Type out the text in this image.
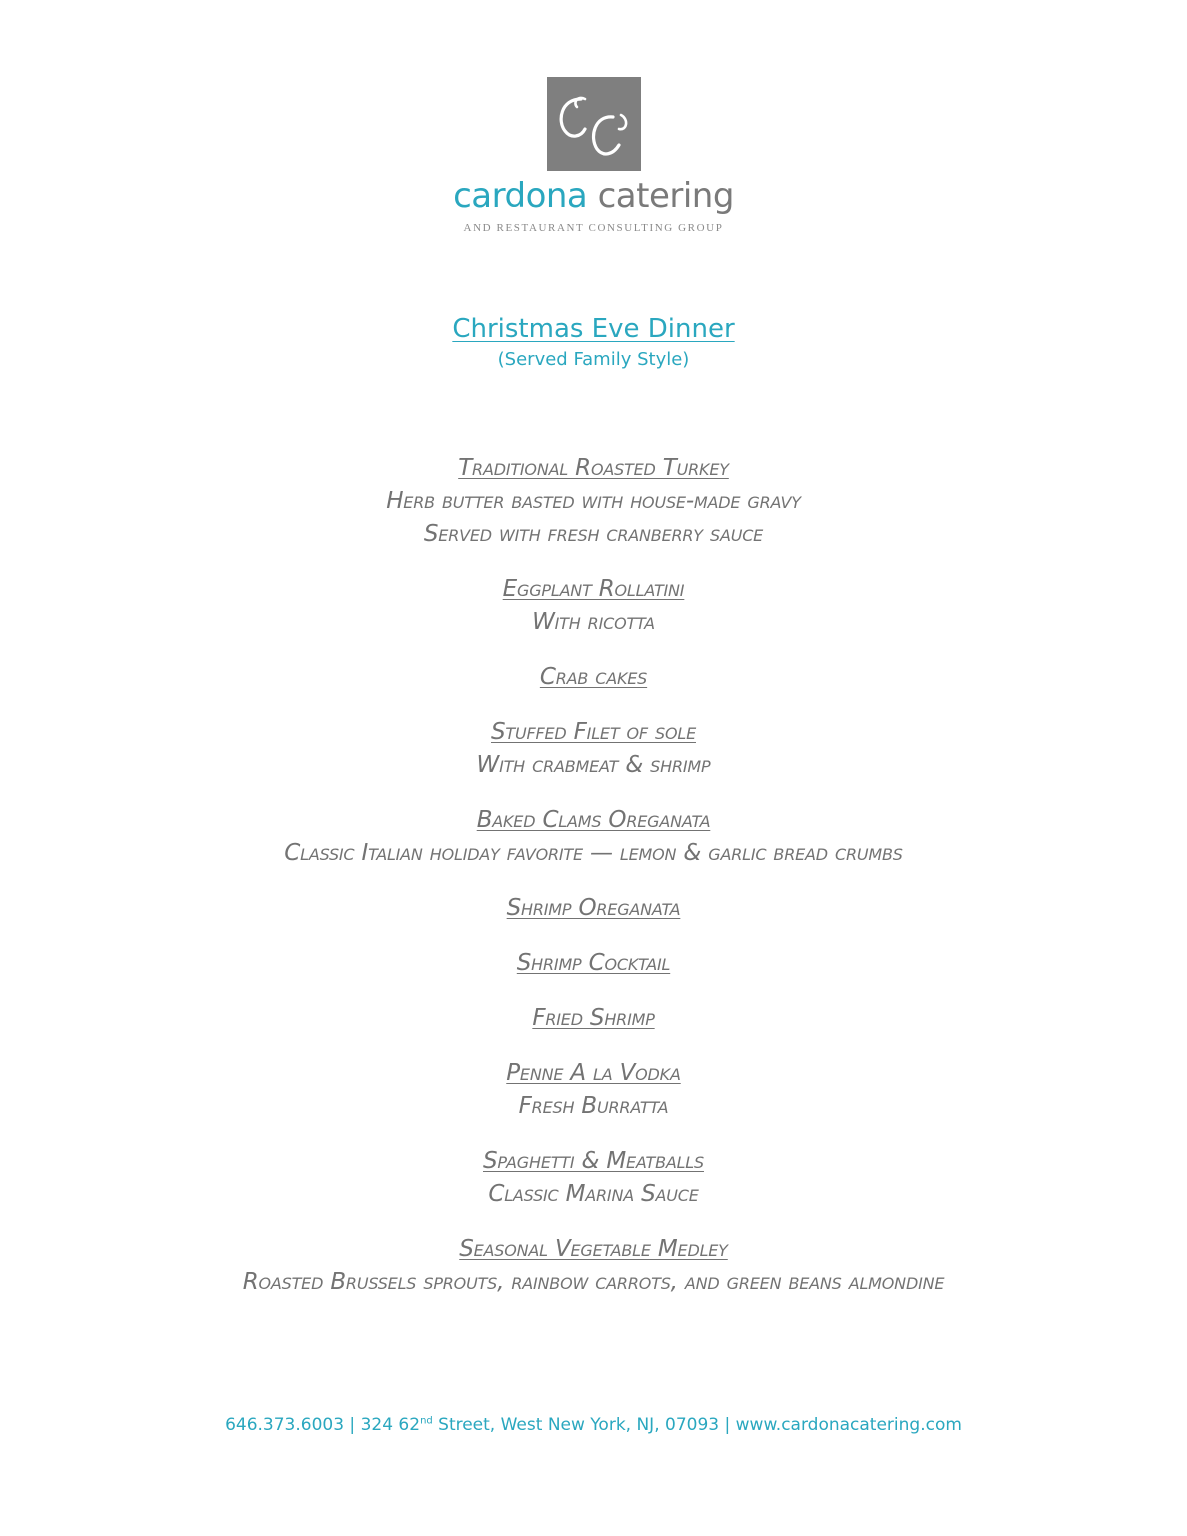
cardona catering
AND RESTAURANT CONSULTING GROUP
Christmas Eve Dinner
(Served Family Style)
Traditional Roasted Turkey
Herb butter basted with house-made gravy
Served with fresh cranberry sauce
Eggplant Rollatini
With ricotta
Crab cakes
Stuffed Filet of sole
With crabmeat & shrimp
Baked Clams Oreganata
Classic Italian holiday favorite — lemon & garlic bread crumbs
Shrimp Oreganata
Shrimp Cocktail
Fried Shrimp
Penne A la Vodka
Fresh Burratta
Spaghetti & Meatballs
Classic Marina Sauce
Seasonal Vegetable Medley
Roasted Brussels sprouts, rainbow carrots, and green beans almondine
646.373.6003 | 324 62nd Street, West New York, NJ, 07093 | www.cardonacatering.com
